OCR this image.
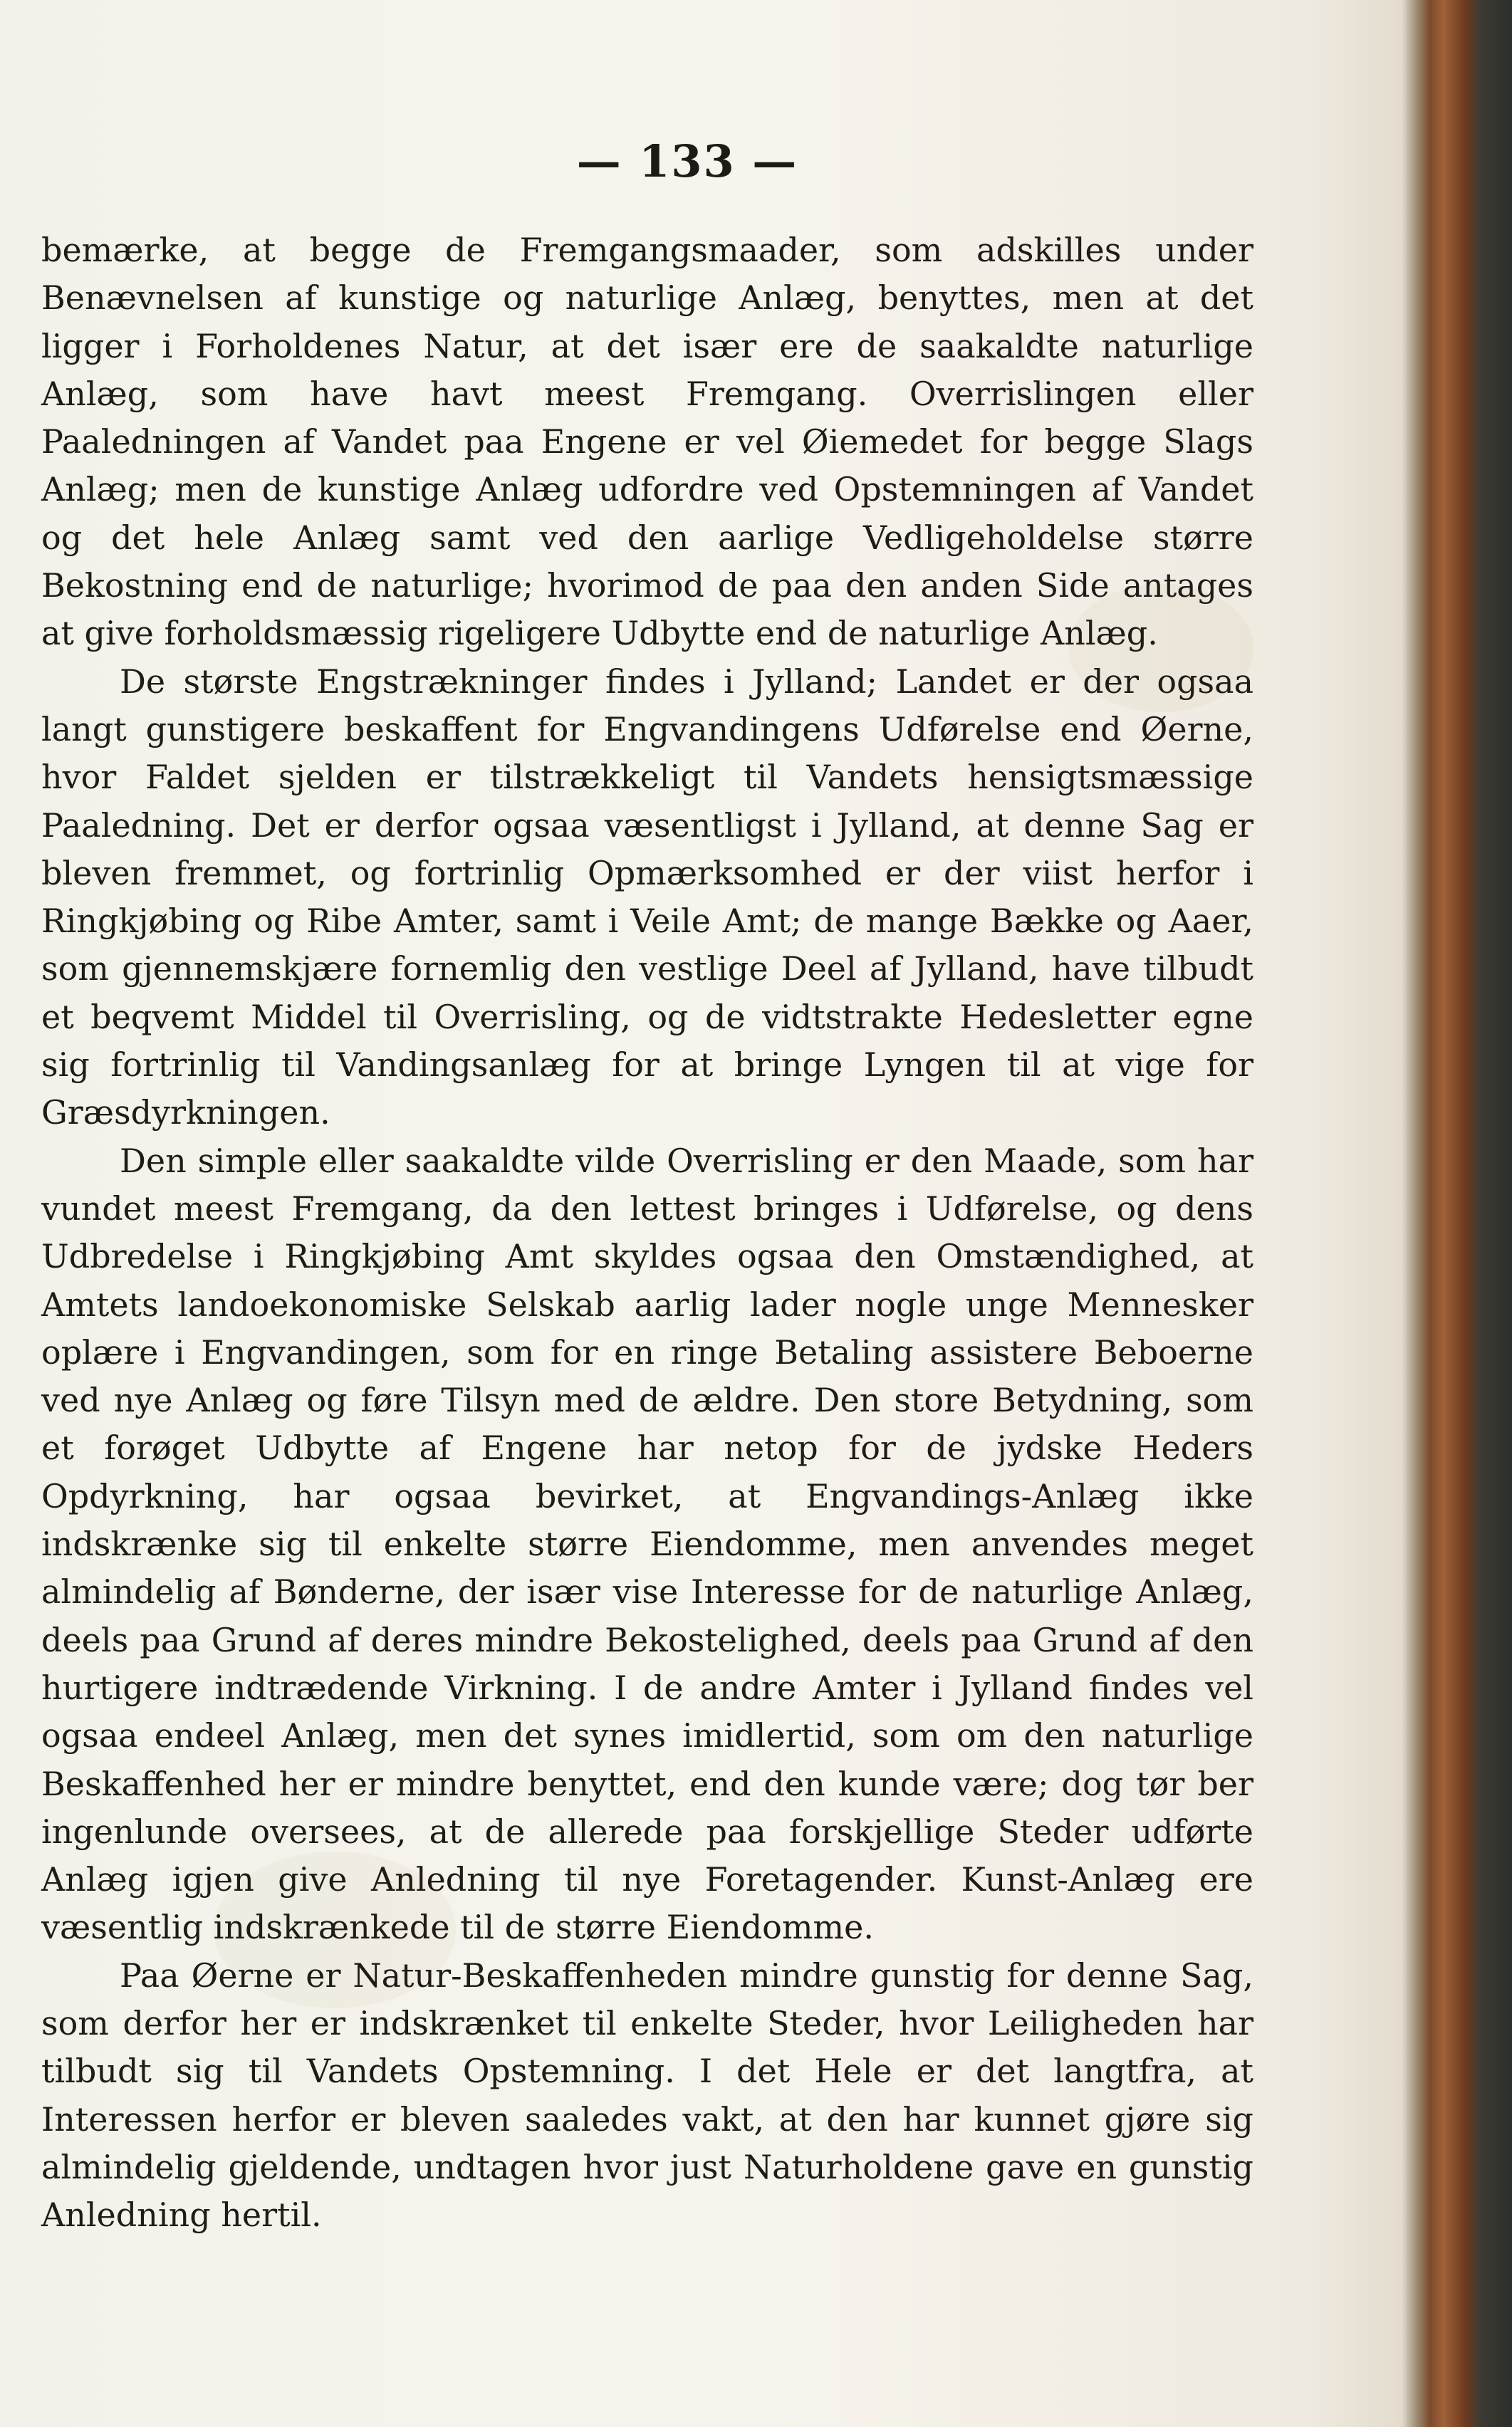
— 133 —

bemærke, at begge de Fremgangsmaader, som adskilles under Benævnelsen af kunstige og naturlige Anlæg, benyttes, men at det ligger i Forholdenes Natur, at det især ere de saakaldte naturlige Anlæg, som have havt meest Fremgang. Overrislingen eller Paaledningen af Vandet paa Engene er vel Øiemedet for begge Slags Anlæg; men de kunstige Anlæg udfordre ved Opstemningen af Vandet og det hele Anlæg samt ved den aarlige Vedligeholdelse større Bekostning end de naturlige; hvorimod de paa den anden Side antages at give forholdsmæssig rigeligere Udbytte end de naturlige Anlæg.

De største Engstrækninger findes i Jylland; Landet er der ogsaa langt gunstigere beskaffent for Engvandingens Udførelse end Øerne, hvor Faldet sjelden er tilstrækkeligt til Vandets hensigtsmæssige Paaledning. Det er derfor ogsaa væsentligst i Jylland, at denne Sag er bleven fremmet, og fortrinlig Opmærksomhed er der viist herfor i Ringkjøbing og Ribe Amter, samt i Veile Amt; de mange Bække og Aaer, som gjennemskjære fornemlig den vestlige Deel af Jylland, have tilbudt et beqvemt Middel til Overrisling, og de vidtstrakte Hedesletter egne sig fortrinlig til Vandingsanlæg for at bringe Lyngen til at vige for Græsdyrkningen.

Den simple eller saakaldte vilde Overrisling er den Maade, som har vundet meest Fremgang, da den lettest bringes i Udførelse, og dens Udbredelse i Ringkjøbing Amt skyldes ogsaa den Omstændighed, at Amtets landoekonomiske Selskab aarlig lader nogle unge Mennesker oplære i Engvandingen, som for en ringe Betaling assistere Beboerne ved nye Anlæg og føre Tilsyn med de ældre. Den store Betydning, som et forøget Udbytte af Engene har netop for de jydske Heders Opdyrkning, har ogsaa bevirket, at Engvandings-Anlæg ikke indskrænke sig til enkelte større Eiendomme, men anvendes meget almindelig af Bønderne, der især vise Interesse for de naturlige Anlæg, deels paa Grund af deres mindre Bekostelighed, deels paa Grund af den hurtigere indtrædende Virkning. I de andre Amter i Jylland findes vel ogsaa endeel Anlæg, men det synes imidlertid, som om den naturlige Beskaffenhed her er mindre benyttet, end den kunde være; dog tør ber ingenlunde oversees, at de allerede paa forskjellige Steder udførte Anlæg igjen give Anledning til nye Foretagender. Kunst-Anlæg ere væsentlig indskrænkede til de større Eiendomme.

Paa Øerne er Natur-Beskaffenheden mindre gunstig for denne Sag, som derfor her er indskrænket til enkelte Steder, hvor Leiligheden har tilbudt sig til Vandets Opstemning. I det Hele er det langtfra, at Interessen herfor er bleven saaledes vakt, at den har kunnet gjøre sig almindelig gjeldende, undtagen hvor just Naturholdene gave en gunstig Anledning hertil.
